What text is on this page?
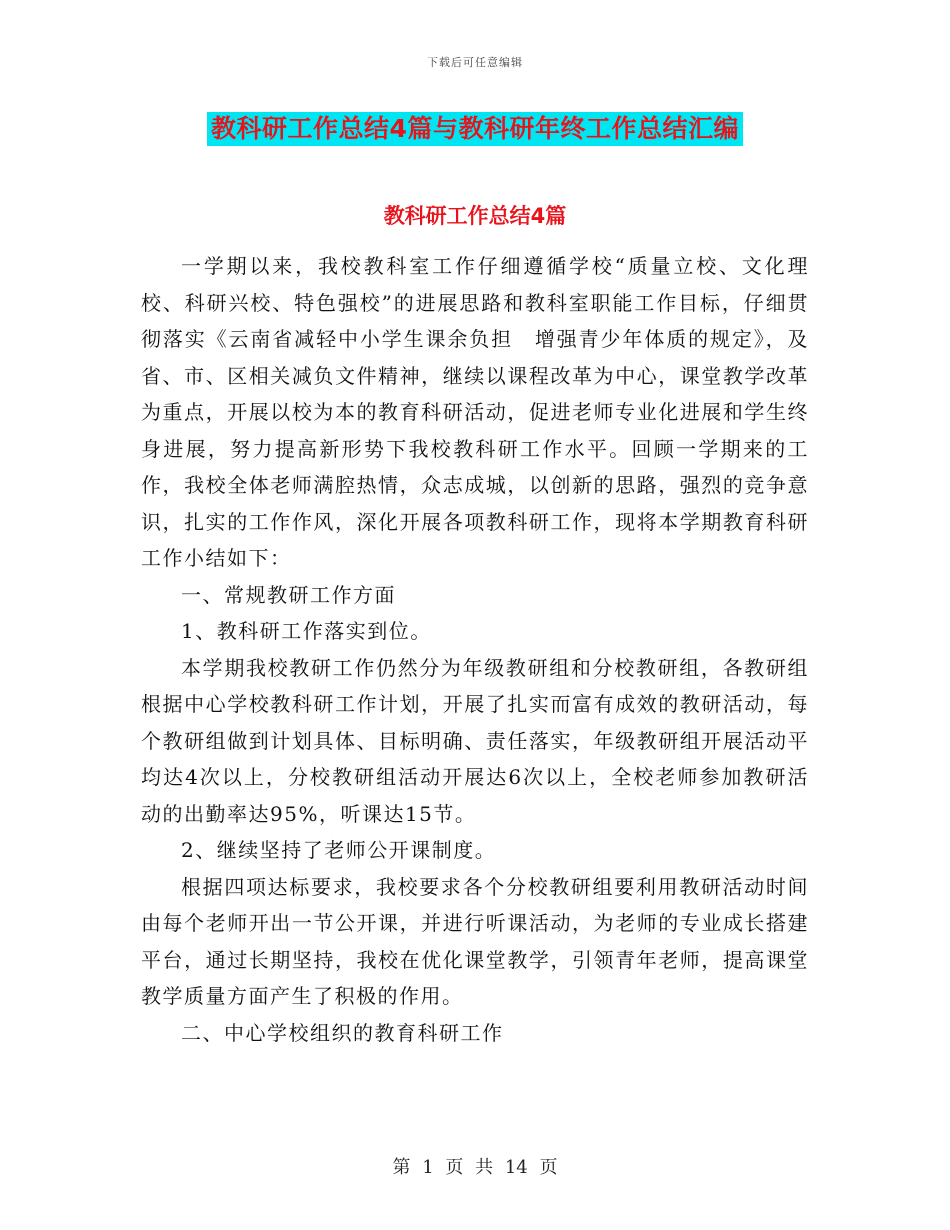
下载后可任意编辑
教科研工作总结4篇与教科研年终工作总结汇编
教科研工作总结4篇

一学期以来，我校教科室工作仔细遵循学校“质量立校、文化理校、科研兴校、特色强校”的进展思路和教科室职能工作目标，仔细贯彻落实《云南省减轻中小学生课余负担　增强青少年体质的规定》，及省、市、区相关减负文件精神，继续以课程改革为中心，课堂教学改革为重点，开展以校为本的教育科研活动，促进老师专业化进展和学生终身进展，努力提高新形势下我校教科研工作水平。回顾一学期来的工作，我校全体老师满腔热情，众志成城，以创新的思路，强烈的竞争意识，扎实的工作作风，深化开展各项教科研工作，现将本学期教育科研工作小结如下：

一、常规教研工作方面

1、教科研工作落实到位。

本学期我校教研工作仍然分为年级教研组和分校教研组，各教研组根据中心学校教科研工作计划，开展了扎实而富有成效的教研活动，每个教研组做到计划具体、目标明确、责任落实，年级教研组开展活动平均达4次以上，分校教研组活动开展达6次以上，全校老师参加教研活动的出勤率达95%，听课达15节。

2、继续坚持了老师公开课制度。

根据四项达标要求，我校要求各个分校教研组要利用教研活动时间由每个老师开出一节公开课，并进行听课活动，为老师的专业成长搭建平台，通过长期坚持，我校在优化课堂教学，引领青年老师，提高课堂教学质量方面产生了积极的作用。

二、中心学校组织的教育科研工作

第 1 页 共 14 页
